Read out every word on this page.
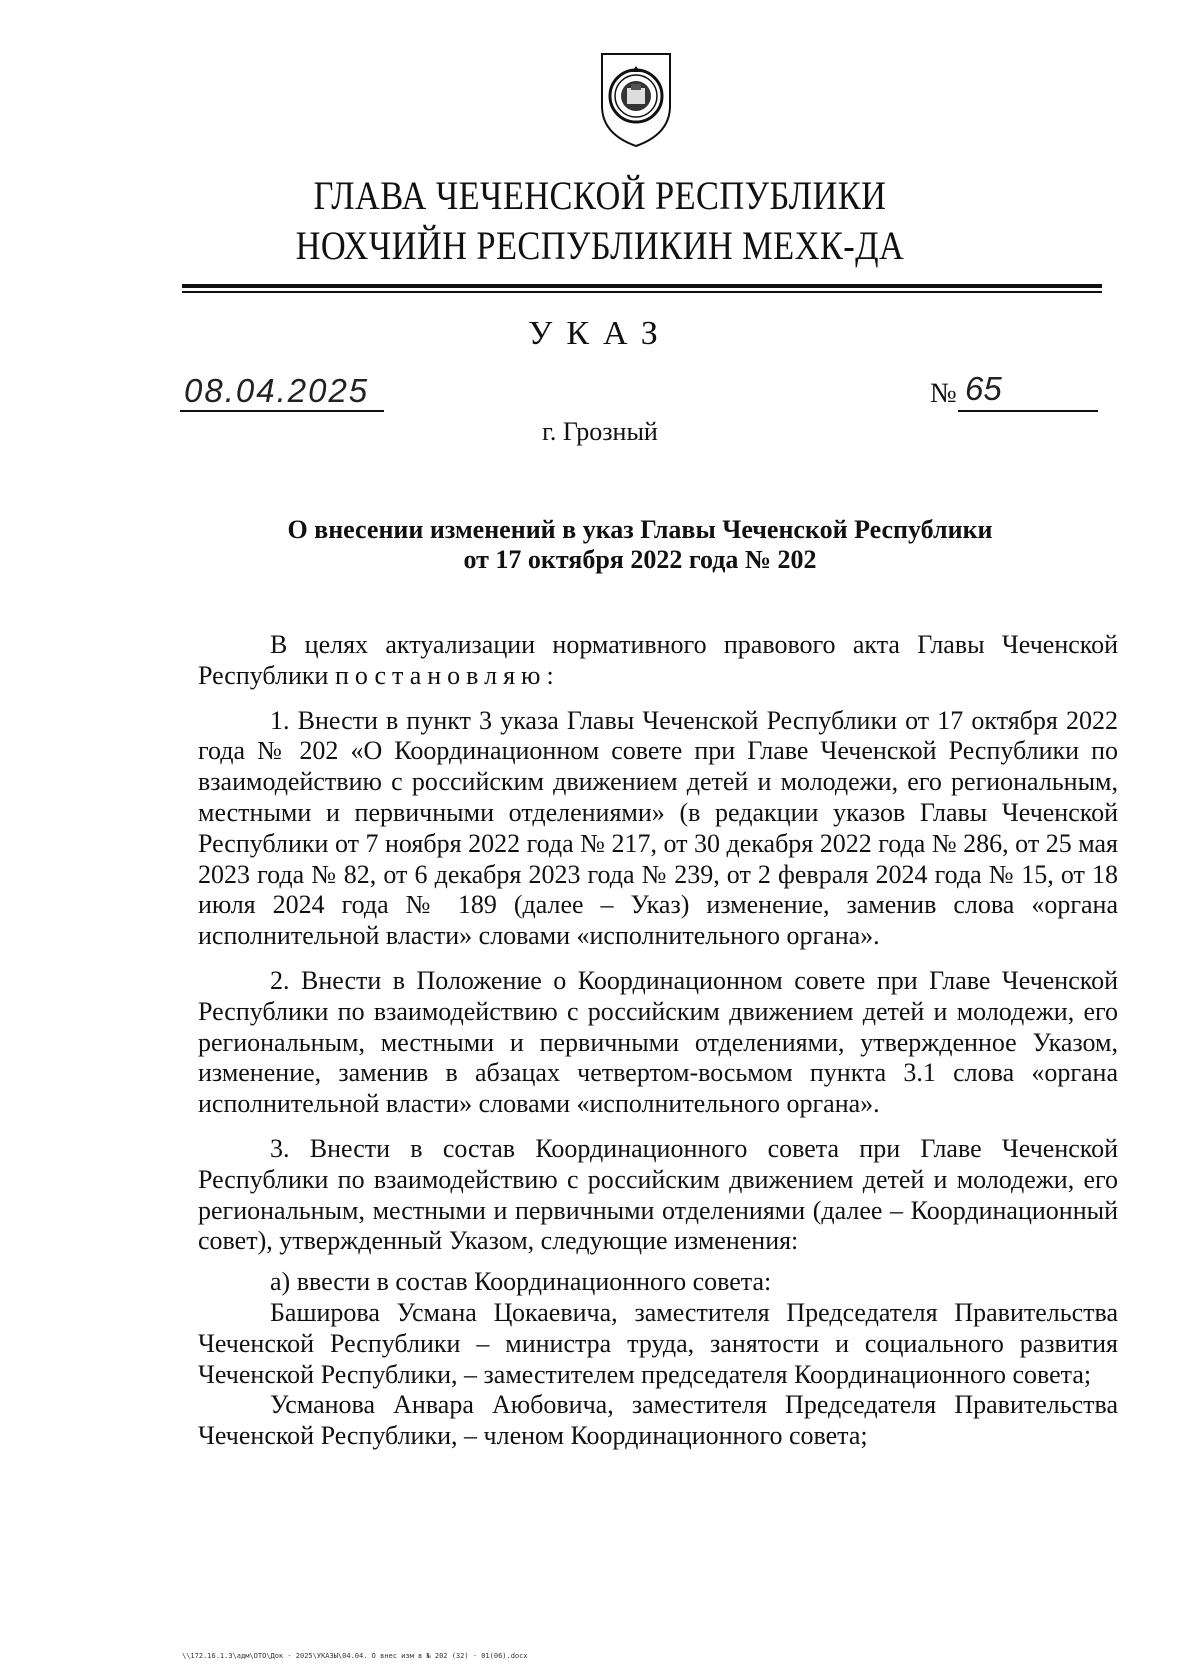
ГЛАВА ЧЕЧЕНСКОЙ РЕСПУБЛИКИ
НОХЧИЙН РЕСПУБЛИКИН МЕХК-ДА
УКАЗ
08.04.2025	№ 65
г. Грозный
О внесении изменений в указ Главы Чеченской Республики
от 17 октября 2022 года № 202

В целях актуализации нормативного правового акта Главы Чеченской Республики постановляю:

1. Внести в пункт 3 указа Главы Чеченской Республики от 17 октября 2022 года № 202 «О Координационном совете при Главе Чеченской Республики по взаимодействию с российским движением детей и молодежи, его региональным, местными и первичными отделениями» (в редакции указов Главы Чеченской Республики от 7 ноября 2022 года № 217, от 30 декабря 2022 года № 286, от 25 мая 2023 года № 82, от 6 декабря 2023 года № 239, от 2 февраля 2024 года № 15, от 18 июля 2024 года № 189 (далее – Указ) изменение, заменив слова «органа исполнительной власти» словами «исполнительного органа».

2. Внести в Положение о Координационном совете при Главе Чеченской Республики по взаимодействию с российским движением детей и молодежи, его региональным, местными и первичными отделениями, утвержденное Указом, изменение, заменив в абзацах четвертом-восьмом пункта 3.1 слова «органа исполнительной власти» словами «исполнительного органа».

3. Внести в состав Координационного совета при Главе Чеченской Республики по взаимодействию с российским движением детей и молодежи, его региональным, местными и первичными отделениями (далее – Координационный совет), утвержденный Указом, следующие изменения:

а) ввести в состав Координационного совета:

Баширова Усмана Цокаевича, заместителя Председателя Правительства Чеченской Республики – министра труда, занятости и социального развития Чеченской Республики, – заместителем председателя Координационного совета;

Усманова Анвара Аюбовича, заместителя Председателя Правительства Чеченской Республики, – членом Координационного совета;

\\172.16.1.3\адм\ОТО\Док - 2025\УКАЗЫ\04.04. О внес изм в № 202 (32) - 01(06).docx
